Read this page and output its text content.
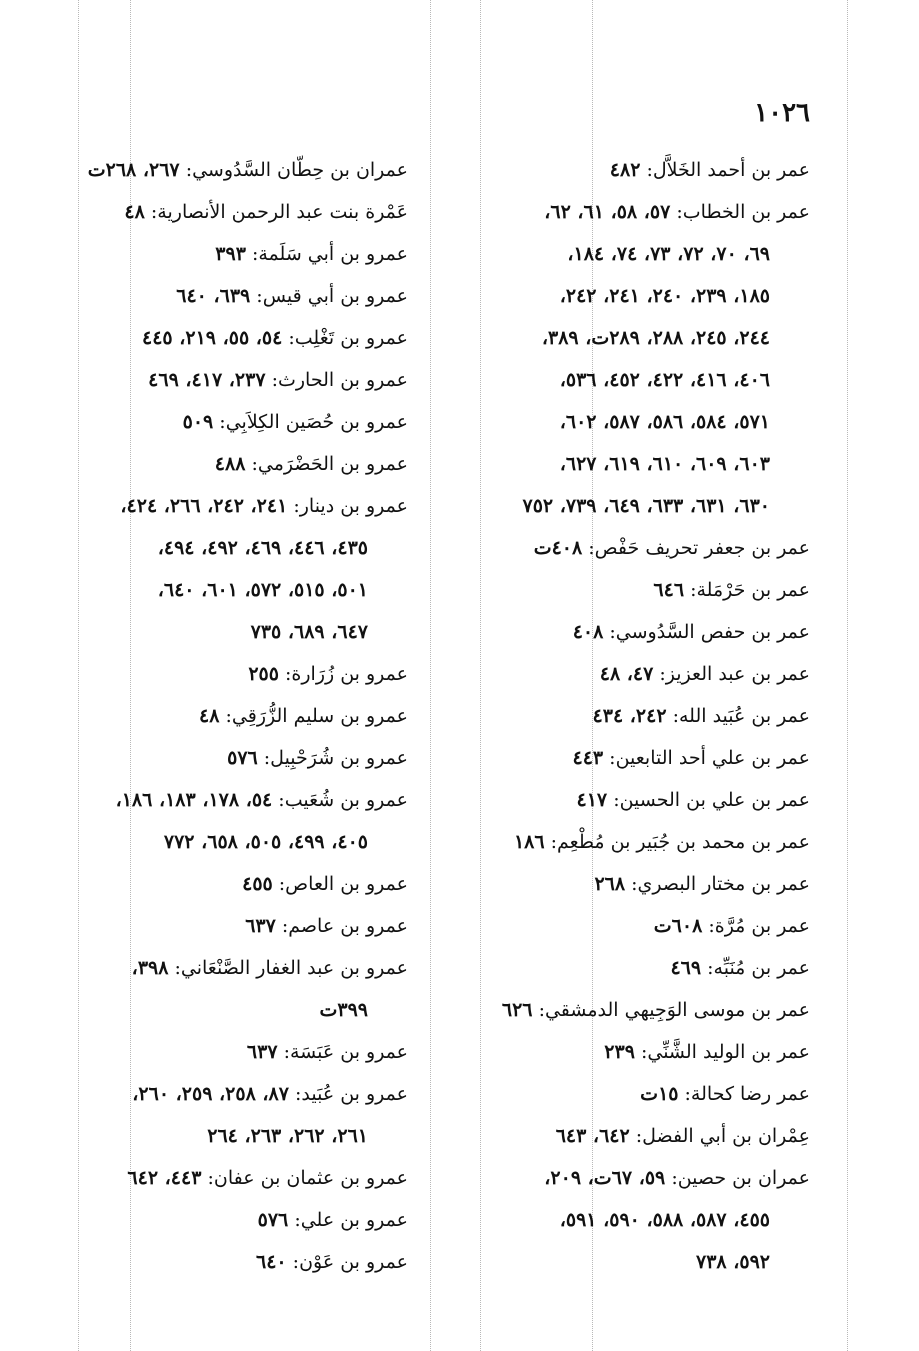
١٠٢٦
عمر بن أحمد الخَلاَّل: ٤٨٢
عمر بن الخطاب: ٥٧، ٥٨، ٦١، ٦٢،
٦٩، ٧٠، ٧٢، ٧٣، ٧٤، ١٨٤،
١٨٥، ٢٣٩، ٢٤٠، ٢٤١، ٢٤٢،
٢٤٤، ٢٤٥، ٢٨٨، ٢٨٩ت، ٣٨٩،
٤٠٦، ٤١٦، ٤٢٢، ٤٥٢، ٥٣٦،
٥٧١، ٥٨٤، ٥٨٦، ٥٨٧، ٦٠٢،
٦٠٣، ٦٠٩، ٦١٠، ٦١٩، ٦٢٧،
٦٣٠، ٦٣١، ٦٣٣، ٦٤٩، ٧٣٩، ٧٥٢
عمر بن جعفر تحريف حَفْص: ٤٠٨ت
عمر بن حَرْمَلة: ٦٤٦
عمر بن حفص السَّدُوسي: ٤٠٨
عمر بن عبد العزيز: ٤٧، ٤٨
عمر بن عُبَيد الله: ٢٤٢، ٤٣٤
عمر بن علي أحد التابعين: ٤٤٣
عمر بن علي بن الحسين: ٤١٧
عمر بن محمد بن جُبَير بن مُطْعِم: ١٨٦
عمر بن مختار البصري: ٢٦٨
عمر بن مُرَّة: ٦٠٨ت
عمر بن مُنَبِّه: ٤٦٩
عمر بن موسى الوَجِيهي الدمشقي: ٦٢٦
عمر بن الوليد الشَّنِّي: ٢٣٩
عمر رضا كحالة: ١٥ت
عِمْران بن أبي الفضل: ٦٤٢، ٦٤٣
عمران بن حصين: ٥٩، ٦٧ت، ٢٠٩،
٤٥٥، ٥٨٧، ٥٨٨، ٥٩٠، ٥٩١،
٥٩٢، ٧٣٨
عمران بن حِطّان السَّدُوسي: ٢٦٧، ٢٦٨ت
عَمْرة بنت عبد الرحمن الأنصارية: ٤٨
عمرو بن أبي سَلَمة: ٣٩٣
عمرو بن أبي قيس: ٦٣٩، ٦٤٠
عمرو بن تَغْلِب: ٥٤، ٥٥، ٢١٩، ٤٤٥
عمرو بن الحارث: ٢٣٧، ٤١٧، ٤٦٩
عمرو بن حُصَين الكِلاَبِي: ٥٠٩
عمرو بن الحَضْرَمي: ٤٨٨
عمرو بن دينار: ٢٤١، ٢٤٢، ٢٦٦، ٤٢٤،
٤٣٥، ٤٤٦، ٤٦٩، ٤٩٢، ٤٩٤،
٥٠١، ٥١٥، ٥٧٢، ٦٠١، ٦٤٠،
٦٤٧، ٦٨٩، ٧٣٥
عمرو بن زُرَارة: ٢٥٥
عمرو بن سليم الزُّرَقِي: ٤٨
عمرو بن شُرَحْبِيل: ٥٧٦
عمرو بن شُعَيب: ٥٤، ١٧٨، ١٨٣، ١٨٦،
٤٠٥، ٤٩٩، ٥٠٥، ٦٥٨، ٧٧٢
عمرو بن العاص: ٤٥٥
عمرو بن عاصم: ٦٣٧
عمرو بن عبد الغفار الصَّنْعَاني: ٣٩٨،
٣٩٩ت
عمرو بن عَبَسَة: ٦٣٧
عمرو بن عُبَيد: ٨٧، ٢٥٨، ٢٥٩، ٢٦٠،
٢٦١، ٢٦٢، ٢٦٣، ٢٦٤
عمرو بن عثمان بن عفان: ٤٤٣، ٦٤٢
عمرو بن علي: ٥٧٦
عمرو بن عَوْن: ٦٤٠
